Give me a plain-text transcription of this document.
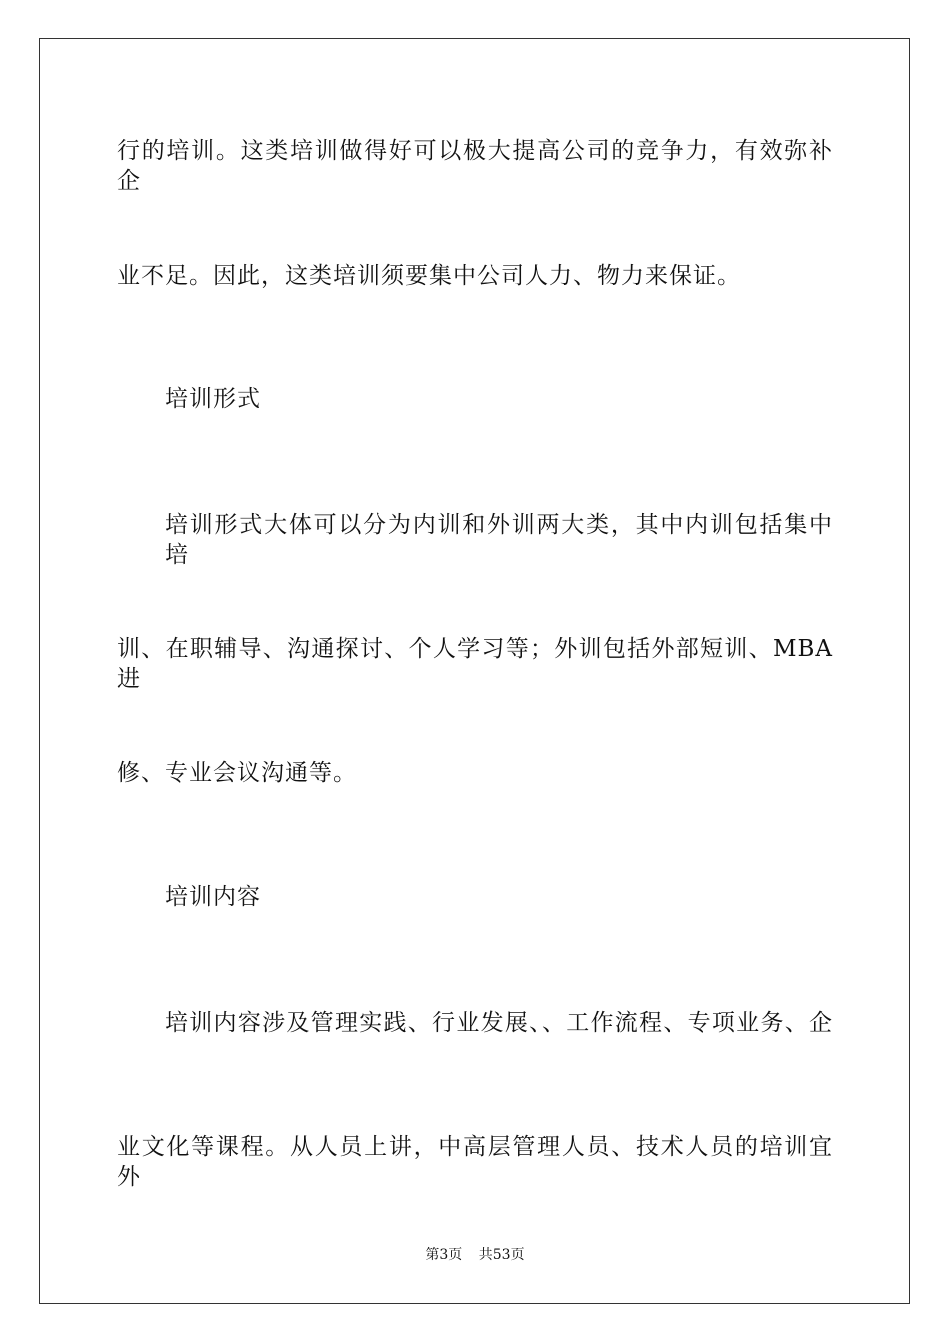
行的培训。这类培训做得好可以极大提高公司的竞争力，有效弥补企
业不足。因此，这类培训须要集中公司人力、物力来保证。
培训形式
培训形式大体可以分为内训和外训两大类，其中内训包括集中培
训、在职辅导、沟通探讨、个人学习等；外训包括外部短训、MBA进
修、专业会议沟通等。
培训内容
培训内容涉及管理实践、行业发展、、工作流程、专项业务、企
业文化等课程。从人员上讲，中高层管理人员、技术人员的培训宜外
第3页 共53页
